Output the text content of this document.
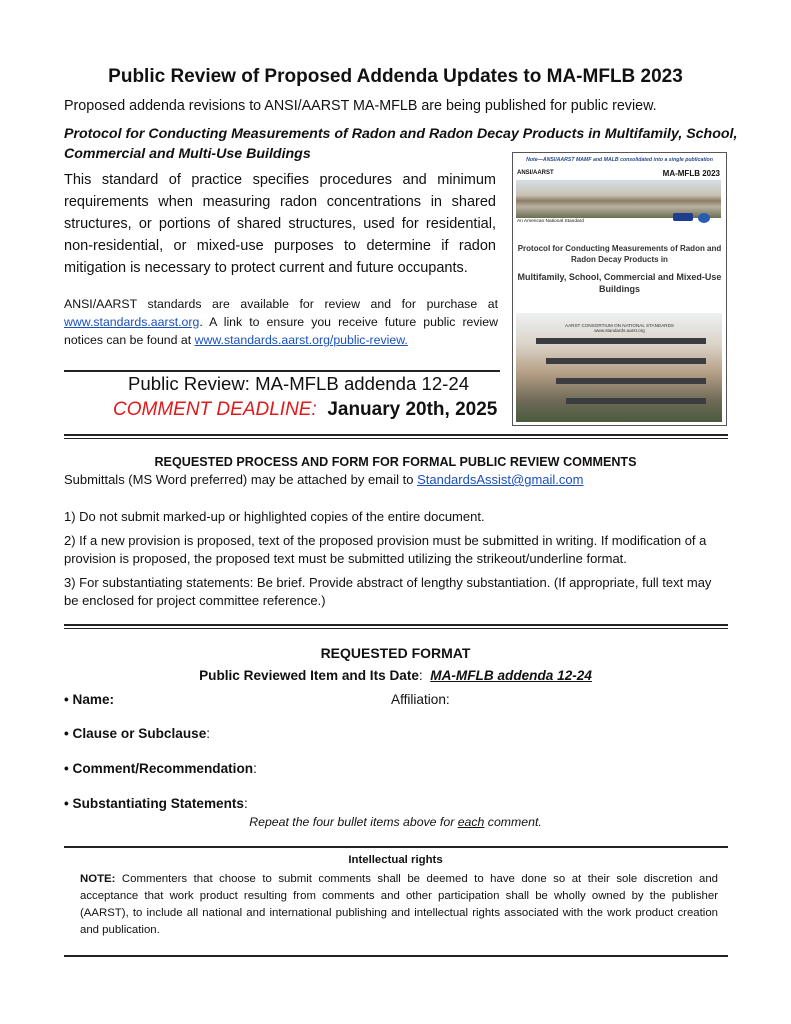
Public Review of Proposed Addenda Updates to MA-MFLB 2023
Proposed addenda revisions to ANSI/AARST MA-MFLB are being published for public review.
Protocol for Conducting Measurements of Radon and Radon Decay Products in Multifamily, School, Commercial and Multi-Use Buildings
This standard of practice specifies procedures and minimum requirements when measuring radon concentrations in shared structures, or portions of shared structures, used for residential, non-residential, or mixed-use purposes to determine if radon mitigation is necessary to protect current and future occupants.
ANSI/AARST standards are available for review and for purchase at www.standards.aarst.org. A link to ensure you receive future public review notices can be found at www.standards.aarst.org/public-review.
Note—ANSI/AARST MAMF and MALB consolidated into a single publication
ANSI/AARST	MA-MFLB 2023
An American National Standard
Protocol for Conducting Measurements of Radon and Radon Decay Products in
Multifamily, School, Commercial and Mixed-Use Buildings
AARST CONSORTIUM ON NATIONAL STANDARDS
www.standards.aarst.org
Public Review: MA-MFLB addenda 12-24
COMMENT DEADLINE: January 20th, 2025
REQUESTED PROCESS AND FORM FOR FORMAL PUBLIC REVIEW COMMENTS
Submittals (MS Word preferred) may be attached by email to StandardsAssist@gmail.com
1) Do not submit marked-up or highlighted copies of the entire document.
2) If a new provision is proposed, text of the proposed provision must be submitted in writing. If modification of a provision is proposed, the proposed text must be submitted utilizing the strikeout/underline format.
3) For substantiating statements: Be brief. Provide abstract of lengthy substantiation. (If appropriate, full text may be enclosed for project committee reference.)
REQUESTED FORMAT
Public Reviewed Item and Its Date:  MA-MFLB addenda 12-24
• Name:	Affiliation:
• Clause or Subclause:
• Comment/Recommendation:
• Substantiating Statements:
Repeat the four bullet items above for each comment.
Intellectual rights
NOTE: Commenters that choose to submit comments shall be deemed to have done so at their sole discretion and acceptance that work product resulting from comments and other participation shall be wholly owned by the publisher (AARST), to include all national and international publishing and intellectual rights associated with the work product creation and publication.
